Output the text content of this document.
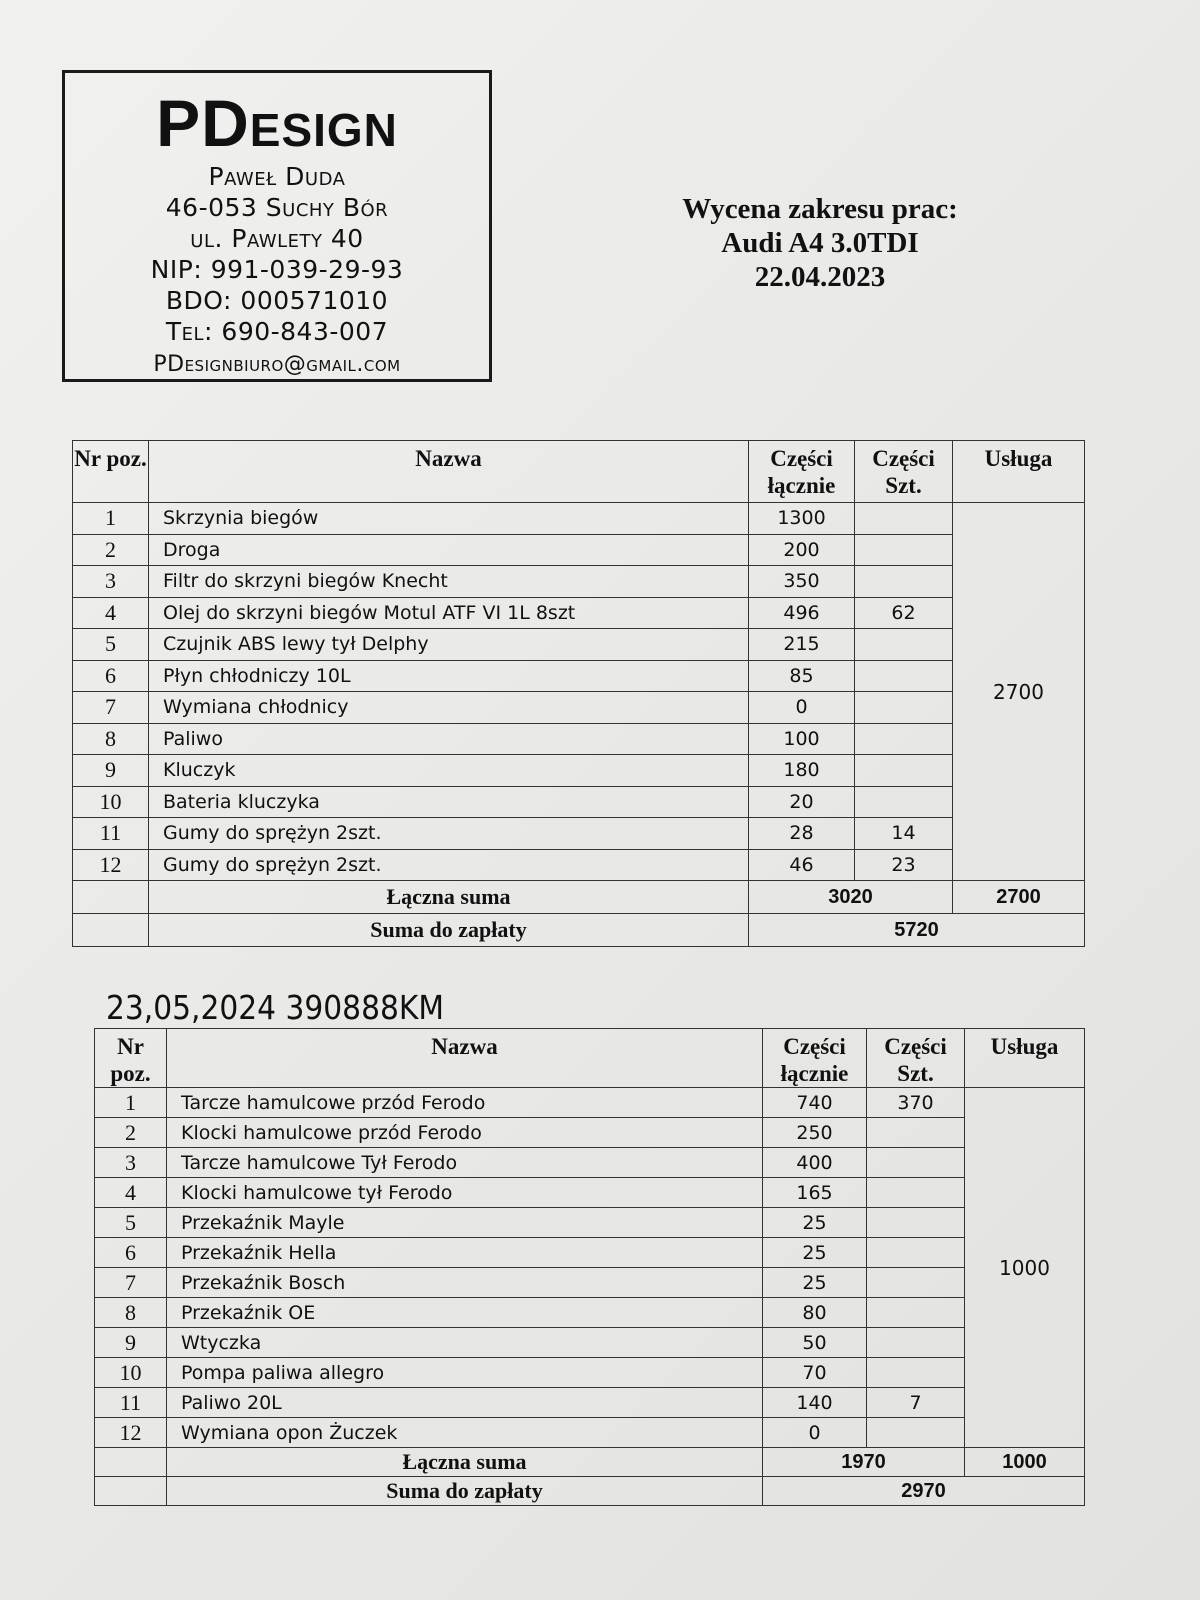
PDesign
Paweł Duda
46-053 Suchy Bór
ul. Pawlety 40
NIP: 991-039-29-93
BDO: 000571010
Tel: 690-843-007
PDesignbiuro@gmail.com
Wycena zakresu prac:
Audi A4 3.0TDI
22.04.2023
Nr poz.	Nazwa	Części łącznie	Części Szt.	Usługa
1	Skrzynia biegów	1300		2700
2	Droga	200		
3	Filtr do skrzyni biegów Knecht	350		
4	Olej do skrzyni biegów Motul ATF VI 1L 8szt	496	62	
5	Czujnik ABS lewy tył Delphy	215		
6	Płyn chłodniczy 10L	85		
7	Wymiana chłodnicy	0		
8	Paliwo	100		
9	Kluczyk	180		
10	Bateria kluczyka	20		
11	Gumy do sprężyn 2szt.	28	14	
12	Gumy do sprężyn 2szt.	46	23	
	Łączna suma	3020		2700
	Suma do zapłaty	5720		
23,05,2024 390888KM
Nr poz.	Nazwa	Części łącznie	Części Szt.	Usługa
1	Tarcze hamulcowe przód Ferodo	740	370	1000
2	Klocki hamulcowe przód Ferodo	250		
3	Tarcze hamulcowe Tył Ferodo	400		
4	Klocki hamulcowe tył Ferodo	165		
5	Przekaźnik Mayle	25		
6	Przekaźnik Hella	25		
7	Przekaźnik Bosch	25		
8	Przekaźnik OE	80		
9	Wtyczka	50		
10	Pompa paliwa allegro	70		
11	Paliwo 20L	140	7	
12	Wymiana opon Żuczek	0		
	Łączna suma	1970		1000
	Suma do zapłaty	2970		
